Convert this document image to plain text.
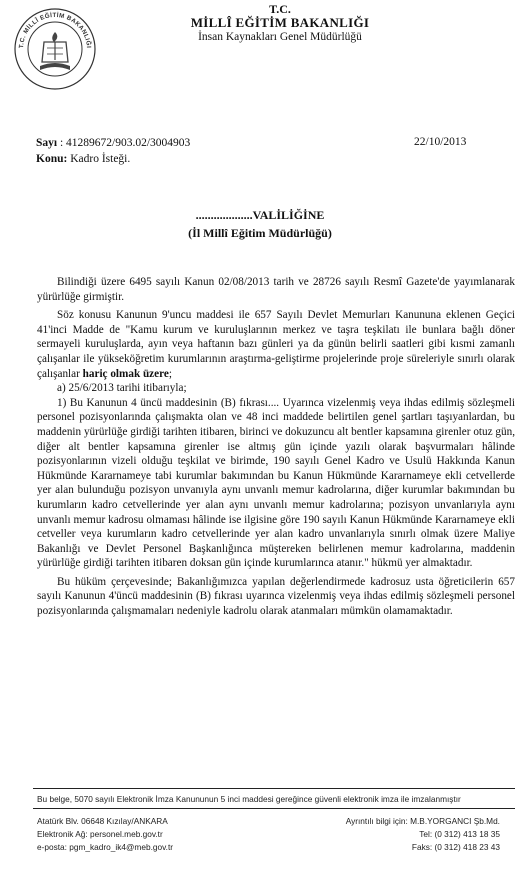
T.C. MİLLÎ EĞİTİM BAKANLIĞI
T.C.
MİLLÎ EĞİTİM BAKANLIĞI
İnsan Kaynakları Genel Müdürlüğü
Sayı : 41289672/903.02/3004903	22/10/2013
Konu: Kadro İsteği.
...................VALİLİĞİNE
(İl Millî Eğitim Müdürlüğü)

Bilindiği üzere 6495 sayılı Kanun 02/08/2013 tarih ve 28726 sayılı Resmî Gazete'de yayımlanarak yürürlüğe girmiştir.

Söz konusu Kanunun 9'uncu maddesi ile 657 Sayılı Devlet Memurları Kanununa eklenen Geçici 41'inci Madde de "Kamu kurum ve kuruluşlarının merkez ve taşra teşkilatı ile bunlara bağlı döner sermayeli kuruluşlarda, ayın veya haftanın bazı günleri ya da günün belirli saatleri gibi kısmi zamanlı çalışanlar ile yükseköğretim kurumlarının araştırma-geliştirme projelerinde proje süreleriyle sınırlı olarak çalışanlar hariç olmak üzere;

a) 25/6/2013 tarihi itibarıyla;

1) Bu Kanunun 4 üncü maddesinin (B) fıkrası.... Uyarınca vizelenmiş veya ihdas edilmiş sözleşmeli personel pozisyonlarında çalışmakta olan ve 48 inci maddede belirtilen genel şartları taşıyanlardan, bu maddenin yürürlüğe girdiği tarihten itibaren, birinci ve dokuzuncu alt bentler kapsamına girenler otuz gün, diğer alt bentler kapsamına girenler ise altmış gün içinde yazılı olarak başvurmaları hâlinde pozisyonlarının vizeli olduğu teşkilat ve birimde, 190 sayılı Genel Kadro ve Usulü Hakkında Kanun Hükmünde Kararnameye tabi kurumlar bakımından bu Kanun Hükmünde Kararnameye ekli cetvellerde yer alan bulunduğu pozisyon unvanıyla aynı unvanlı memur kadrolarına, diğer kurumlar bakımından bu kurumların kadro cetvellerinde yer alan aynı unvanlı memur kadrolarına; pozisyon unvanlarıyla aynı unvanlı memur kadrosu olmaması hâlinde ise ilgisine göre 190 sayılı Kanun Hükmünde Kararnameye ekli cetveller veya kurumların kadro cetvellerinde yer alan kadro unvanlarıyla sınırlı olmak üzere Maliye Bakanlığı ve Devlet Personel Başkanlığınca müştereken belirlenen memur kadrolarına, maddenin yürürlüğe girdiği tarihten itibaren doksan gün içinde kurumlarınca atanır." hükmü yer almaktadır.

Bu hüküm çerçevesinde; Bakanlığımızca yapılan değerlendirmede kadrosuz usta öğreticilerin 657 sayılı Kanunun 4'üncü maddesinin (B) fıkrası uyarınca vizelenmiş veya ihdas edilmiş sözleşmeli personel pozisyonlarında çalışmamaları nedeniyle kadrolu olarak atanmaları mümkün olamamaktadır.

Bu belge, 5070 sayılı Elektronik İmza Kanununun 5 inci maddesi gereğince güvenli elektronik imza ile imzalanmıştır
Atatürk Blv. 06648 Kızılay/ANKARA
Elektronik Ağ: personel.meb.gov.tr
e-posta: pgm_kadro_ik4@meb.gov.tr
Ayrıntılı bilgi için: M.B.YORGANCI Şb.Md.
Tel: (0 312) 413 18 35
Faks: (0 312) 418 23 43
